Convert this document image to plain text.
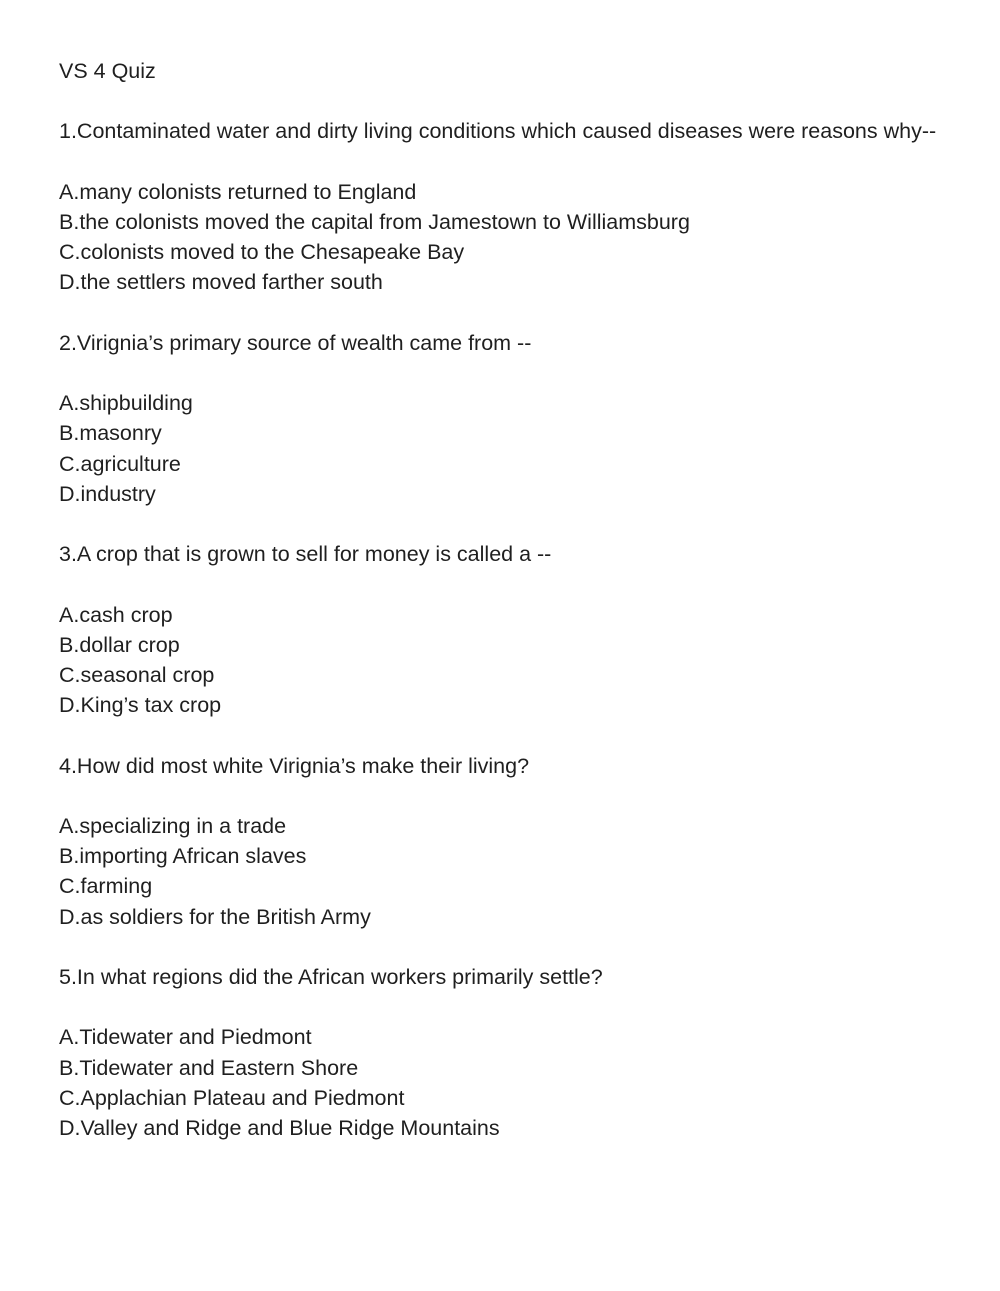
VS 4 Quiz

1.Contaminated water and dirty living conditions which caused diseases were reasons why--

A.many colonists returned to England
B.the colonists moved the capital from Jamestown to Williamsburg
C.colonists moved to the Chesapeake Bay
D.the settlers moved farther south

2.Virignia’s primary source of wealth came from --

A.shipbuilding
B.masonry
C.agriculture
D.industry

3.A crop that is grown to sell for money is called a --

A.cash crop
B.dollar crop
C.seasonal crop
D.King’s tax crop

4.How did most white Virignia’s make their living?

A.specializing in a trade
B.importing African slaves
C.farming
D.as soldiers for the British Army

5.In what regions did the African workers primarily settle?

A.Tidewater and Piedmont
B.Tidewater and Eastern Shore
C.Applachian Plateau and Piedmont
D.Valley and Ridge and Blue Ridge Mountains
